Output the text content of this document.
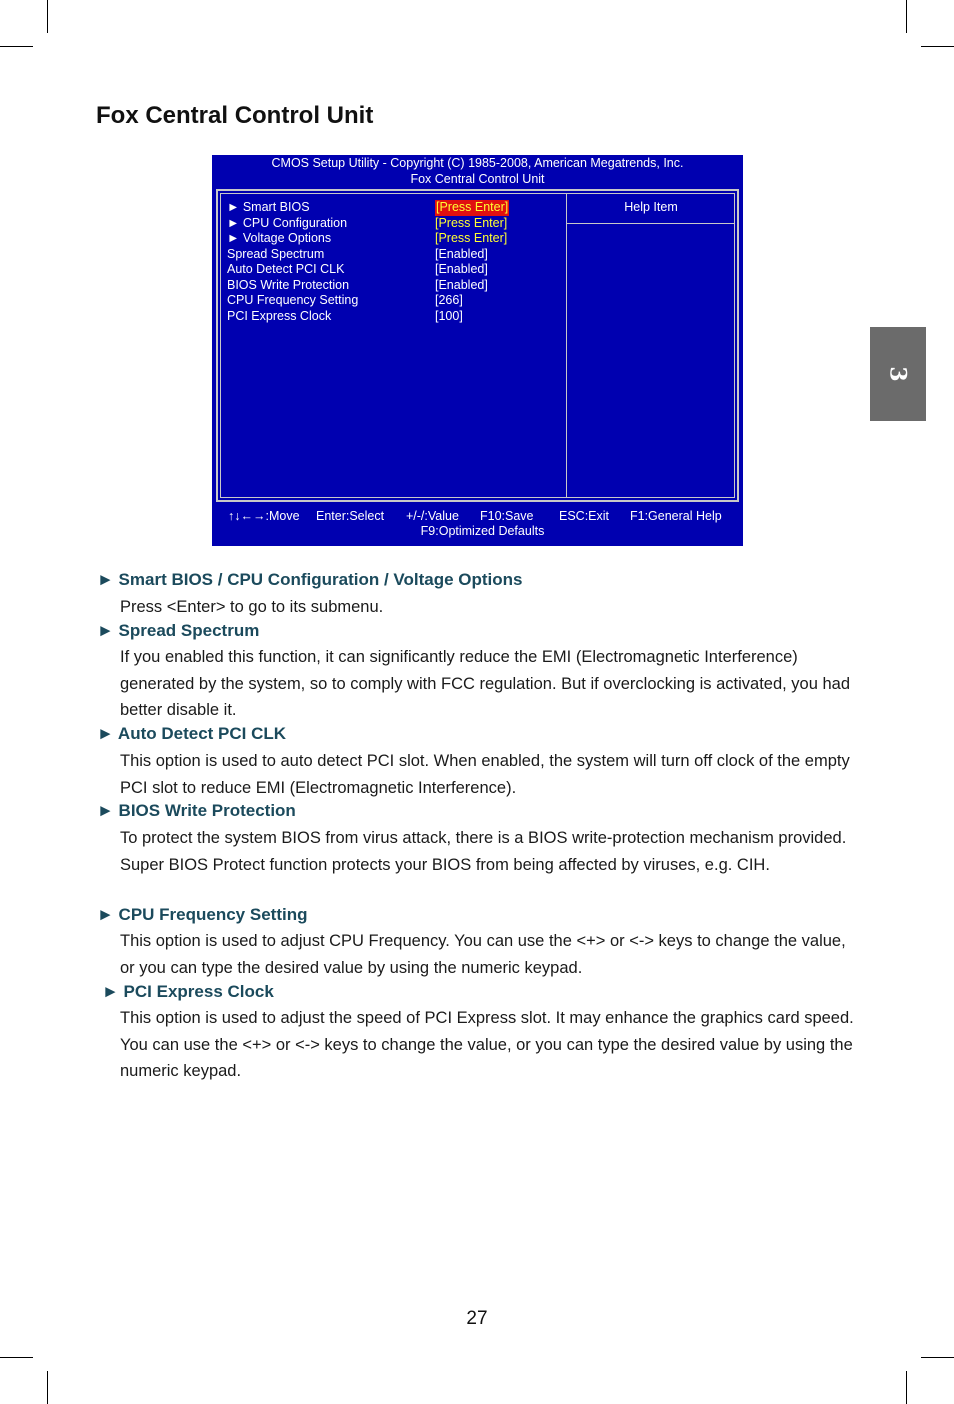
Fox Central Control Unit
3
CMOS Setup Utility - Copyright (C) 1985-2008, American Megatrends, Inc.
Fox Central Control Unit
► Smart BIOS	[Press Enter]
► CPU Configuration	[Press Enter]
► Voltage Options	[Press Enter]
Spread Spectrum	[Enabled]
Auto Detect PCI CLK	[Enabled]
BIOS Write Protection	[Enabled]
CPU Frequency Setting	[266]
PCI Express Clock	[100]
Help Item
↑↓←→:Move Enter:Select +/-/:Value F10:Save ESC:Exit F1:General Help
F9:Optimized Defaults
► Smart BIOS / CPU Configuration / Voltage Options

Press <Enter> to go to its submenu.

► Spread Spectrum

If you enabled this function, it can significantly reduce the EMI (Electromagnetic Interference) generated by the system, so to comply with FCC regulation. But if overclocking is activated, you had better disable it.

► Auto Detect PCI CLK

This option is used to auto detect PCI slot. When enabled, the system will turn off clock of the empty PCI slot to reduce EMI (Electromagnetic Interference).

► BIOS Write Protection

To protect the system BIOS from virus attack, there is a BIOS write-protection mechanism provided. Super BIOS Protect function protects your BIOS from being affected by viruses, e.g. CIH.

► CPU Frequency Setting

This option is used to adjust CPU Frequency. You can use the <+> or <-> keys to change the value, or you can type the desired value by using the numeric keypad.

► PCI Express Clock

This option is used to adjust the speed of PCI Express slot. It may enhance the graphics card speed. You can use the <+> or <-> keys to change the value, or you can type the desired value by using the numeric keypad.

27
